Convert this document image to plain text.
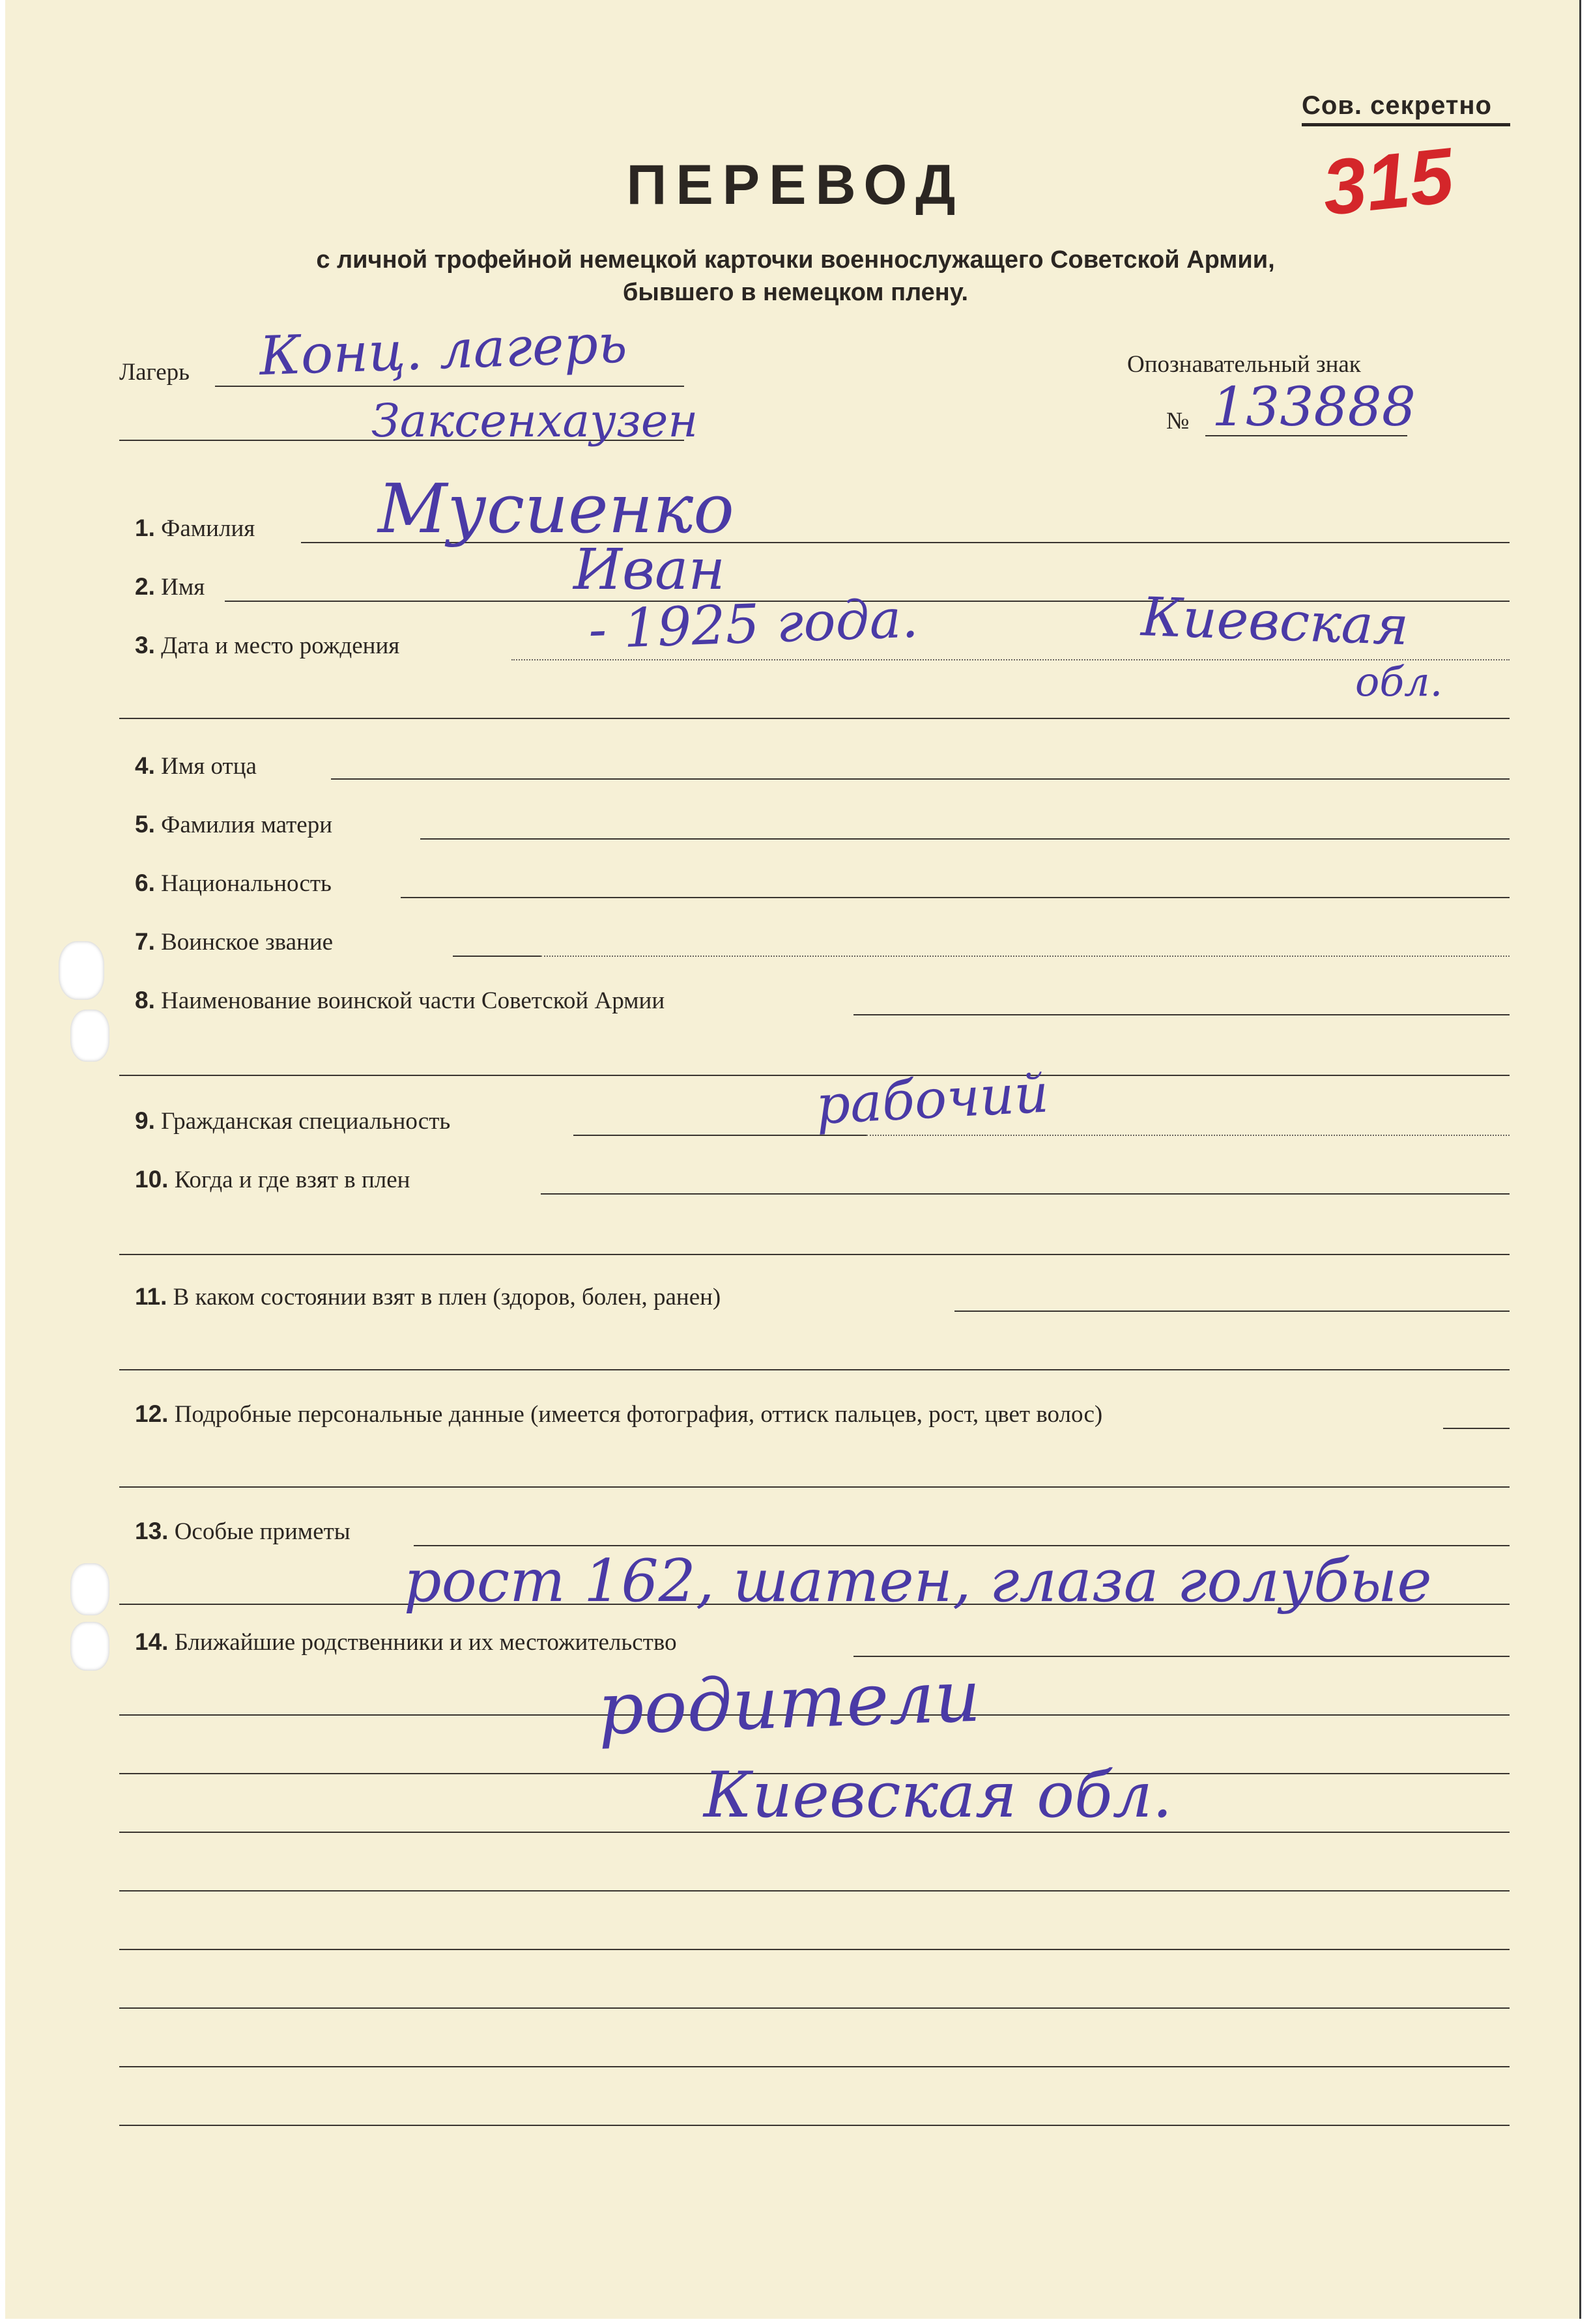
Сов. секретно
315
ПЕРЕВОД
с личной трофейной немецкой карточки военнослужащего Советской Армии,
бывшего в немецком плену.
Лагерь Конц. лагерь
Заксенхаузен
Опознавательный знак
№ 133888
1. Фамилия Мусиенко
2. Имя	Иван
3. Дата и место рождения	- 1925 года.	Киевская
обл.
4. Имя отца
5. Фамилия матери
6. Национальность
7. Воинское звание
8. Наименование воинской части Советской Армии
9. Гражданская специальность	рабочий
10. Когда и где взят в плен
11. В каком состоянии взят в плен (здоров, болен, ранен)
12. Подробные персональные данные (имеется фотография, оттиск пальцев, рост, цвет волос)
13. Особые приметы
рост 162, шатен, глаза голубые
14. Ближайшие родственники и их местожительство
родители
Киевская обл.
